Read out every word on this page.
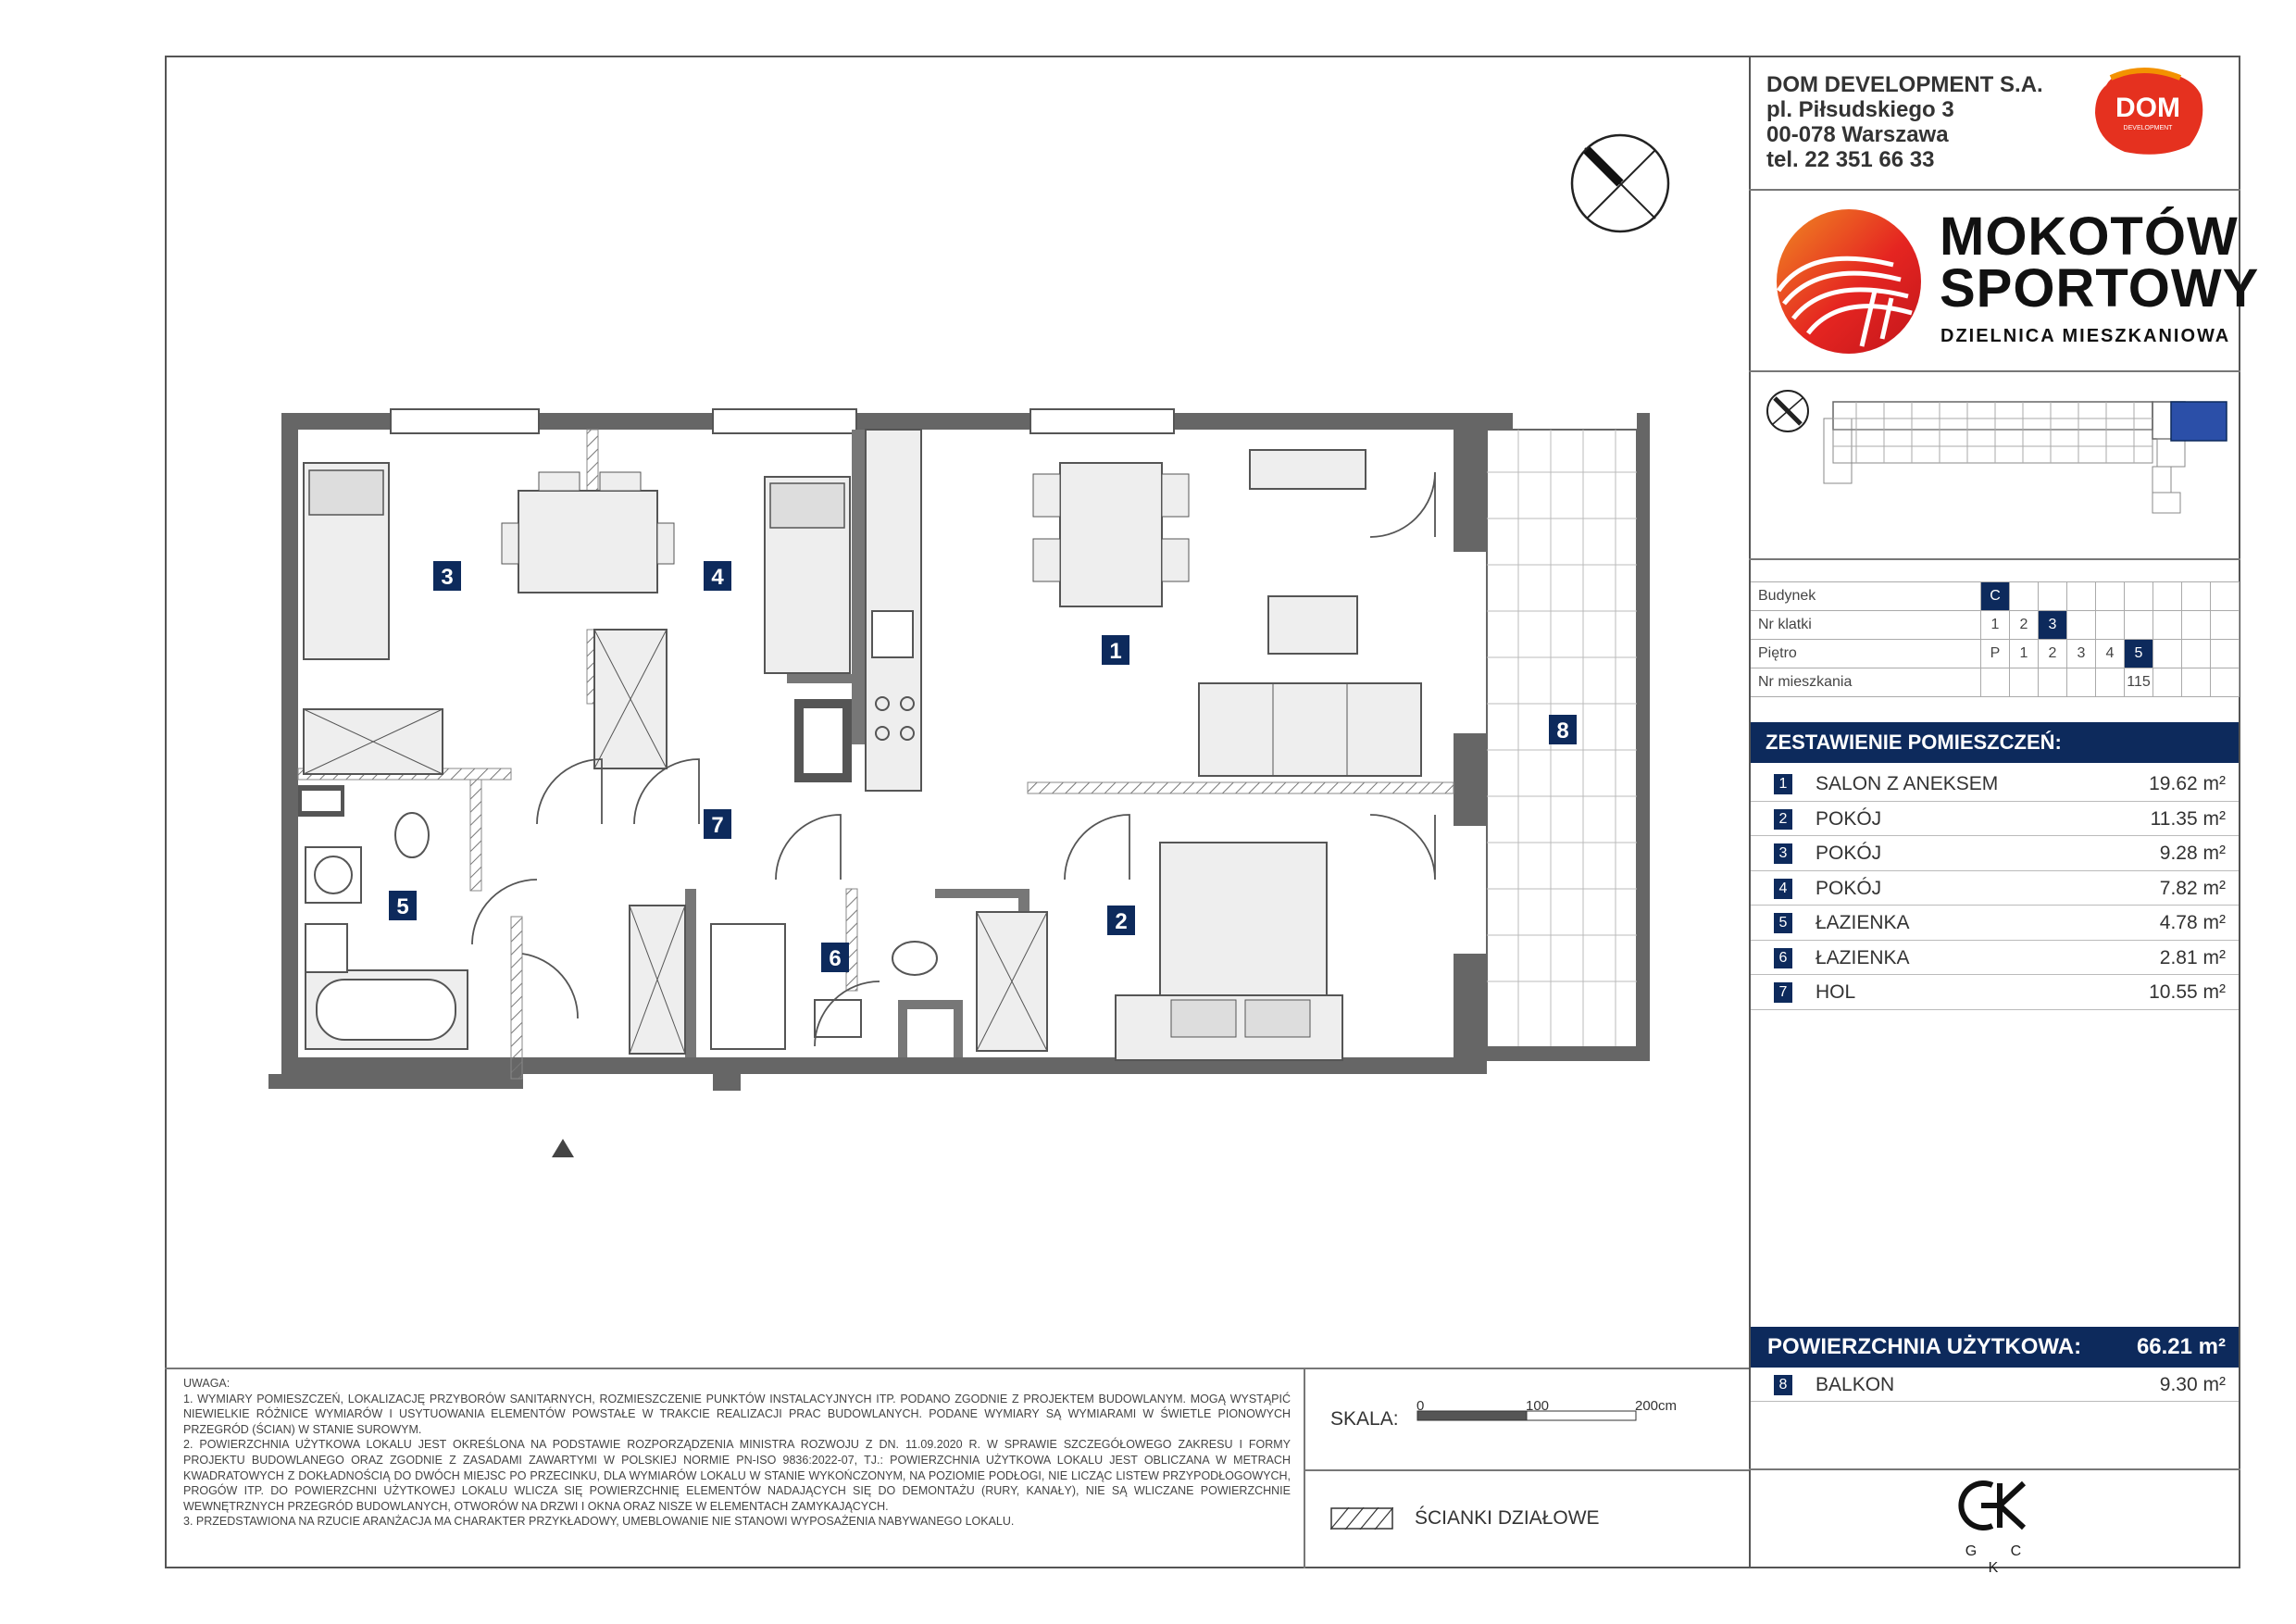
DOM DEVELOPMENT S.A.
pl. Piłsudskiego 3
00-078 Warszawa
tel. 22 351 66 33
DOM
DEVELOPMENT
MOKOTÓW
SPORTOWY
DZIELNICA MIESZKANIOWA
Budynek	C								
Nr klatki	1	2	3						
Piętro	P	1	2	3	4	5			
Nr mieszkania						115			
ZESTAWIENIE POMIESZCZEŃ:
1 SALON Z ANEKSEM	19.62 m²
2 POKÓJ	11.35 m²
3 POKÓJ	9.28 m²
4 POKÓJ	7.82 m²
5 ŁAZIENKA	4.78 m²
6 ŁAZIENKA	2.81 m²
7 HOL	10.55 m²
POWIERZCHNIA UŻYTKOWA: 66.21 m²
8 BALKON	9.30 m²
G C K
SKALA:
0	100	200cm
ŚCIANKI DZIAŁOWE

UWAGA:

1. WYMIARY POMIESZCZEŃ, LOKALIZACJĘ PRZYBORÓW SANITARNYCH, ROZMIESZCZENIE PUNKTÓW INSTALACYJNYCH ITP. PODANO ZGODNIE Z PROJEKTEM BUDOWLANYM. MOGĄ WYSTĄPIĆ NIEWIELKIE RÓŻNICE WYMIARÓW I USYTUOWANIA ELEMENTÓW POWSTAŁE W TRAKCIE REALIZACJI PRAC BUDOWLANYCH. PODANE WYMIARY SĄ WYMIARAMI W ŚWIETLE PIONOWYCH PRZEGRÓD (ŚCIAN) W STANIE SUROWYM.

2. POWIERZCHNIA UŻYTKOWA LOKALU JEST OKREŚLONA NA PODSTAWIE ROZPORZĄDZENIA MINISTRA ROZWOJU Z DN. 11.09.2020 R. W SPRAWIE SZCZEGÓŁOWEGO ZAKRESU I FORMY PROJEKTU BUDOWLANEGO ORAZ ZGODNIE Z ZASADAMI ZAWARTYMI W POLSKIEJ NORMIE PN-ISO 9836:2022-07, TJ.: POWIERZCHNIA UŻYTKOWA LOKALU JEST OBLICZANA W METRACH KWADRATOWYCH Z DOKŁADNOŚCIĄ DO DWÓCH MIEJSC PO PRZECINKU, DLA WYMIARÓW LOKALU W STANIE WYKOŃCZONYM, NA POZIOMIE PODŁOGI, NIE LICZĄC LISTEW PRZYPODŁOGOWYCH, PROGÓW ITP. DO POWIERZCHNI UŻYTKOWEJ LOKALU WLICZA SIĘ POWIERZCHNIĘ ELEMENTÓW NADAJĄCYCH SIĘ DO DEMONTAŻU (RURY, KANAŁY), NIE SĄ WLICZANE POWIERZCHNIE WEWNĘTRZNYCH PRZEGRÓD BUDOWLANYCH, OTWORÓW NA DRZWI I OKNA ORAZ NISZE W ELEMENTACH ZAMYKAJĄCYCH.

3. PRZEDSTAWIONA NA RZUCIE ARANŻACJA MA CHARAKTER PRZYKŁADOWY, UMEBLOWANIE NIE STANOWI WYPOSAŻENIA NABYWANEGO LOKALU.

1
2
3	4
5
6
7
8
